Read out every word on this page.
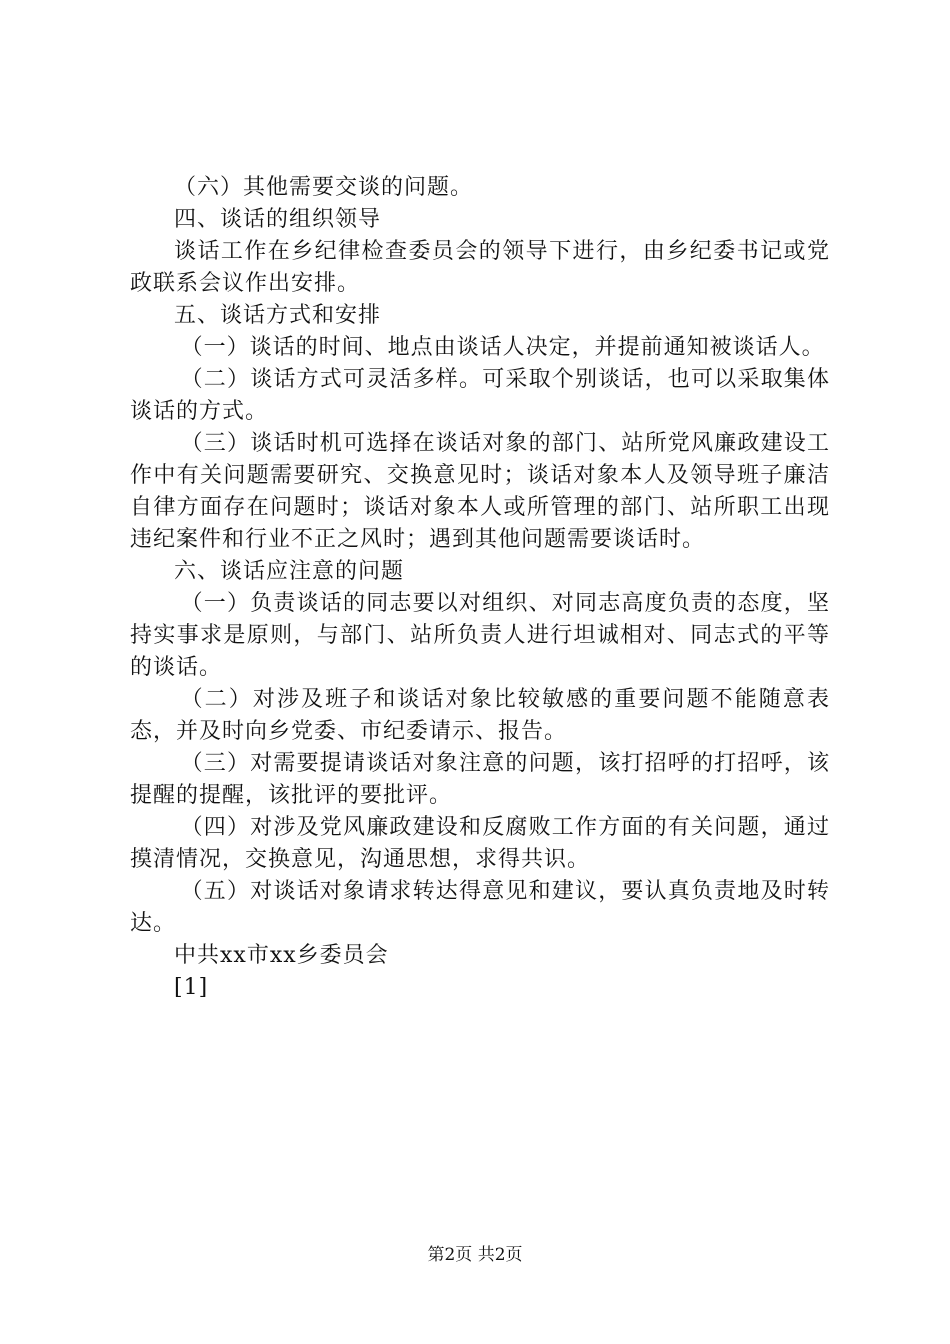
（六）其他需要交谈的问题。

四、谈话的组织领导

谈话工作在乡纪律检查委员会的领导下进行，由乡纪委书记或党政联系会议作出安排。

五、谈话方式和安排

（一）谈话的时间、地点由谈话人决定，并提前通知被谈话人。

（二）谈话方式可灵活多样。可采取个别谈话，也可以采取集体谈话的方式。

（三）谈话时机可选择在谈话对象的部门、站所党风廉政建设工作中有关问题需要研究、交换意见时；谈话对象本人及领导班子廉洁自律方面存在问题时；谈话对象本人或所管理的部门、站所职工出现违纪案件和行业不正之风时；遇到其他问题需要谈话时。

六、谈话应注意的问题

（一）负责谈话的同志要以对组织、对同志高度负责的态度，坚持实事求是原则，与部门、站所负责人进行坦诚相对、同志式的平等的谈话。

（二）对涉及班子和谈话对象比较敏感的重要问题不能随意表态，并及时向乡党委、市纪委请示、报告。

（三）对需要提请谈话对象注意的问题，该打招呼的打招呼，该提醒的提醒，该批评的要批评。

（四）对涉及党风廉政建设和反腐败工作方面的有关问题，通过摸清情况，交换意见，沟通思想，求得共识。

（五）对谈话对象请求转达得意见和建议，要认真负责地及时转达。

中共xx市xx乡委员会

[1]

第2页 共2页
